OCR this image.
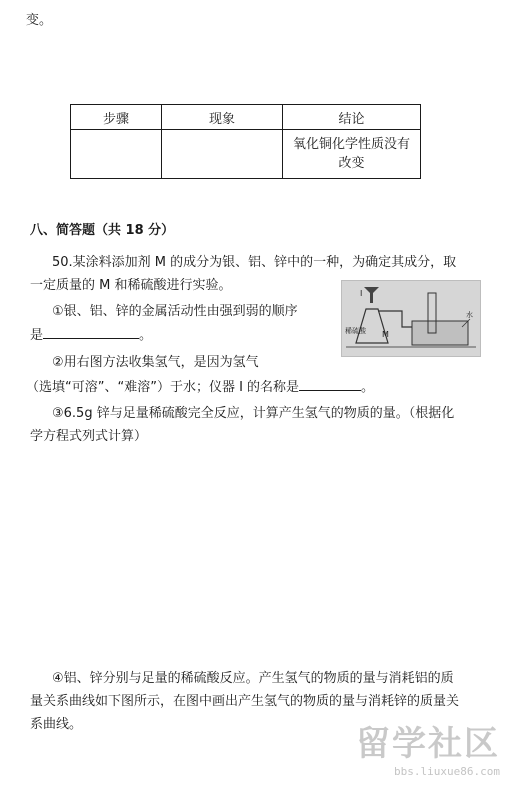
变。
步骤	现象	结论

		氧化铜化学性质没有
改变
八、简答题（共 18 分）
50.某涂料添加剂 M 的成分为银、铝、锌中的一种，为确定其成分，取
一定质量的 M 和稀硫酸进行实验。
①银、铝、锌的金属活动性由强到弱的顺序
是	。
I
稀硫酸 M
水
②用右图方法收集氢气，是因为氢气
（选填“可溶”、“难溶”）于水；仪器 I 的名称是	。
③6.5g 锌与足量稀硫酸完全反应，计算产生氢气的物质的量。（根据化
学方程式列式计算）
④铝、锌分别与足量的稀硫酸反应。产生氢气的物质的量与消耗铝的质
量关系曲线如下图所示，在图中画出产生氢气的物质的量与消耗锌的质量关
系曲线。	留学社区
bbs.liuxue86.com
